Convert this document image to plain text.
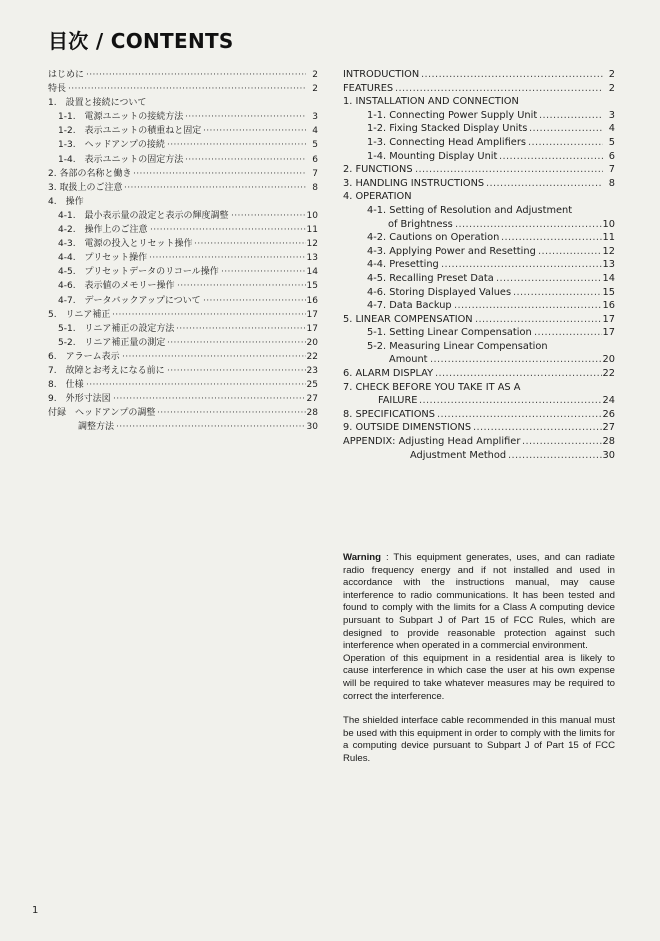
目次 / CONTENTS
はじめに ·····	2
特長 ·····	2
1.　設置と接続について
1-1.　電源ユニットの接続方法 ·····	3
1-2.　表示ユニットの積重ねと固定 ·····	4
1-3.　ヘッドアンプの接続 ·····	5
1-4.　表示ユニットの固定方法 ·····	6
2. 各部の名称と働き ·····	7
3. 取扱上のご注意 ·····	8
4.　操作
4-1.　最小表示量の設定と表示の輝度調整 ·····	10
4-2.　操作上のご注意 ·····	11
4-3.　電源の投入とリセット操作 ·····	12
4-4.　プリセット操作 ·····	13
4-5.　プリセットデータのリコール操作 ·····	14
4-6.　表示値のメモリー操作 ·····	15
4-7.　データバックアップについて ·····	16
5.　リニア補正 ·····	17
5-1.　リニア補正の設定方法 ·····	17
5-2.　リニア補正量の測定 ·····	20
6.　アラーム表示 ·····	22
7.　故障とお考えになる前に ·····	23
8.　仕様 ·····	25
9.　外形寸法図 ·····	27
付録　ヘッドアンプの調整 ·····	28
調整方法 ·····	30
INTRODUCTION .....	2
FEATURES .....	2
1. INSTALLATION AND CONNECTION
1-1. Connecting Power Supply Unit .....	3
1-2. Fixing Stacked Display Units .....	4
1-3. Connecting Head Amplifiers .....	5
1-4. Mounting Display Unit .....	6
2. FUNCTIONS .....	7
3. HANDLING INSTRUCTIONS .....	8
4. OPERATION
4-1. Setting of Resolution and Adjustment
of Brightness .....	10
4-2. Cautions on Operation .....	11
4-3. Applying Power and Resetting .....	12
4-4. Presetting .....	13
4-5. Recalling Preset Data .....	14
4-6. Storing Displayed Values .....	15
4-7. Data Backup .....	16
5. LINEAR COMPENSATION .....	17
5-1. Setting Linear Compensation .....	17
5-2. Measuring Linear Compensation
Amount .....	20
6. ALARM DISPLAY .....	22
7. CHECK BEFORE YOU TAKE IT AS A
FAILURE .....	24
8. SPECIFICATIONS .....	26
9. OUTSIDE DIMENSTIONS .....	27
APPENDIX: Adjusting Head Amplifier .....	28
Adjustment Method .....	30

Warning : This equipment generates, uses, and can radiate radio frequency energy and if not installed and used in accordance with the instructions manual, may cause interference to radio communications. It has been tested and found to comply with the limits for a Class A computing device pursuant to Subpart J of Part 15 of FCC Rules, which are designed to provide reasonable protection against such interference when operated in a commercial environment.

Operation of this equipment in a residential area is likely to cause interference in which case the user at his own expense will be required to take whatever measures may be required to correct the interference.

The shielded interface cable recommended in this manual must be used with this equipment in order to comply with the limits for a computing device pursuant to Subpart J of Part 15 of FCC Rules.

1
